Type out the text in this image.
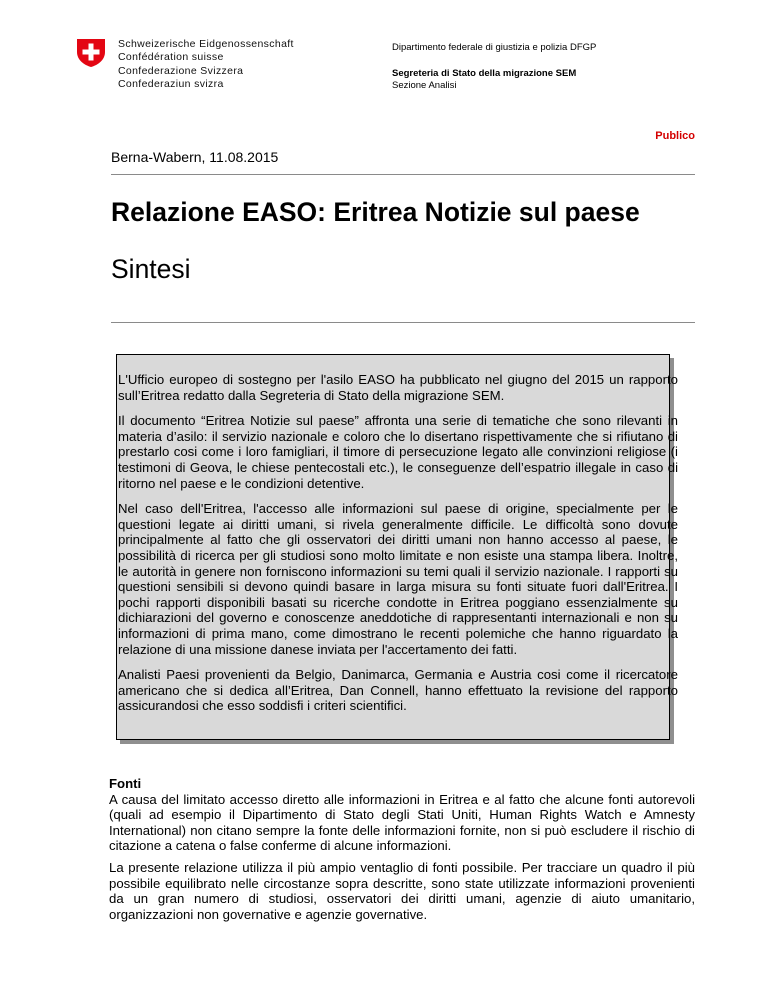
Schweizerische Eidgenossenschaft
Confédération suisse
Confederazione Svizzera
Confederaziun svizra
Dipartimento federale di giustizia e polizia DFGP
Segreteria di Stato della migrazione SEM
Sezione Analisi
Publico
Berna-Wabern, 11.08.2015
Relazione EASO: Eritrea Notizie sul paese
Sintesi

L'Ufficio europeo di sostegno per l'asilo EASO ha pubblicato nel giugno del 2015 un rapporto sull’Eritrea redatto dalla Segreteria di Stato della migrazione SEM.

Il documento “Eritrea Notizie sul paese” affronta una serie di tematiche che sono rilevanti in materia d’asilo: il servizio nazionale e coloro che lo disertano rispettivamente che si rifiutano di prestarlo cosi come i loro famigliari, il timore di persecuzione legato alle convinzioni religiose (i testimoni di Geova, le chiese pentecostali etc.), le conseguenze dell’espatrio illegale in caso di ritorno nel paese e le condizioni detentive.

Nel caso dell'Eritrea, l'accesso alle informazioni sul paese di origine, specialmente per le questioni legate ai diritti umani, si rivela generalmente difficile. Le difficoltà sono dovute principalmente al fatto che gli osservatori dei diritti umani non hanno accesso al paese, le possibilità di ricerca per gli studiosi sono molto limitate e non esiste una stampa libera. Inoltre, le autorità in genere non forniscono informazioni su temi quali il servizio nazionale. I rapporti su questioni sensibili si devono quindi basare in larga misura su fonti situate fuori dall'Eritrea. I pochi rapporti disponibili basati su ricerche condotte in Eritrea poggiano essenzialmente su dichiarazioni del governo e conoscenze aneddotiche di rappresentanti internazionali e non su informazioni di prima mano, come dimostrano le recenti polemiche che hanno riguardato la relazione di una missione danese inviata per l'accertamento dei fatti.

Analisti Paesi provenienti da Belgio, Danimarca, Germania e Austria cosi come il ricercatore americano che si dedica all’Eritrea, Dan Connell, hanno effettuato la revisione del rapporto assicurandosi che esso soddisfi i criteri scientifici.

Fonti

A causa del limitato accesso diretto alle informazioni in Eritrea e al fatto che alcune fonti autorevoli (quali ad esempio il Dipartimento di Stato degli Stati Uniti, Human Rights Watch e Amnesty International) non citano sempre la fonte delle informazioni fornite, non si può escludere il rischio di citazione a catena o false conferme di alcune informazioni.

La presente relazione utilizza il più ampio ventaglio di fonti possibile. Per tracciare un quadro il più possibile equilibrato nelle circostanze sopra descritte, sono state utilizzate informazioni provenienti da un gran numero di studiosi, osservatori dei diritti umani, agenzie di aiuto umanitario, organizzazioni non governative e agenzie governative.
